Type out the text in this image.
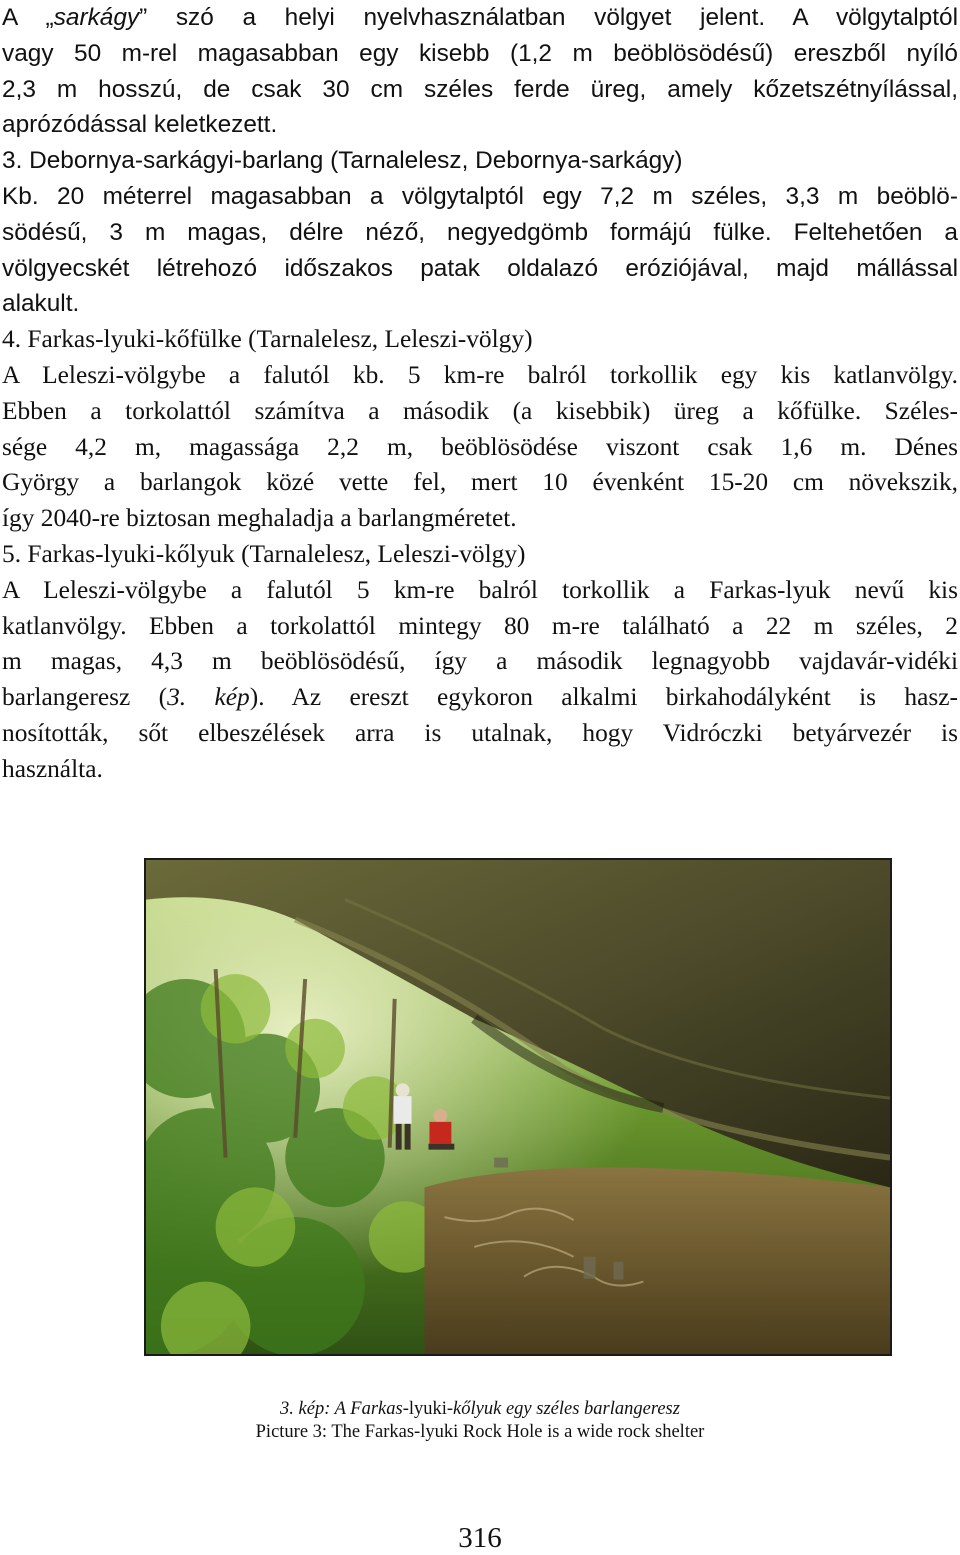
A „sarkágy” szó a helyi nyelvhasználatban völgyet jelent. A völgytalptól
vagy 50 m-rel magasabban egy kisebb (1,2 m beöblösödésű) ereszből nyíló
2,3 m hosszú, de csak 30 cm széles ferde üreg, amely kőzetszétnyílással,
aprózódással keletkezett.
3. Debornya-sarkágyi-barlang (Tarnalelesz, Debornya-sarkágy)
Kb. 20 méterrel magasabban a völgytalptól egy 7,2 m széles, 3,3 m beöblö-
södésű, 3 m magas, délre néző, negyedgömb formájú fülke. Feltehetően a
völgyecskét létrehozó időszakos patak oldalazó eróziójával, majd mállással
alakult.
4. Farkas-lyuki-kőfülke (Tarnalelesz, Leleszi-völgy)
A Leleszi-völgybe a falutól kb. 5 km-re balról torkollik egy kis katlanvölgy.
Ebben a torkolattól számítva a második (a kisebbik) üreg a kőfülke. Széles-
sége 4,2 m, magassága 2,2 m, beöblösödése viszont csak 1,6 m. Dénes
György a barlangok közé vette fel, mert 10 évenként 15-20 cm növekszik,
így 2040-re biztosan meghaladja a barlangméretet.
5. Farkas-lyuki-kőlyuk (Tarnalelesz, Leleszi-völgy)
A Leleszi-völgybe a falutól 5 km-re balról torkollik a Farkas-lyuk nevű kis
katlanvölgy. Ebben a torkolattól mintegy 80 m-re található a 22 m széles, 2
m magas, 4,3 m beöblösödésű, így a második legnagyobb vajdavár-vidéki
barlangeresz (3. kép). Az ereszt egykoron alkalmi birkahodályként is hasz-
nosították, sőt elbeszélések arra is utalnak, hogy Vidróczki betyárvezér is
használta.
3. kép: A Farkas-lyuki-kőlyuk egy széles barlangeresz
Picture 3: The Farkas-lyuki Rock Hole is a wide rock shelter
316
